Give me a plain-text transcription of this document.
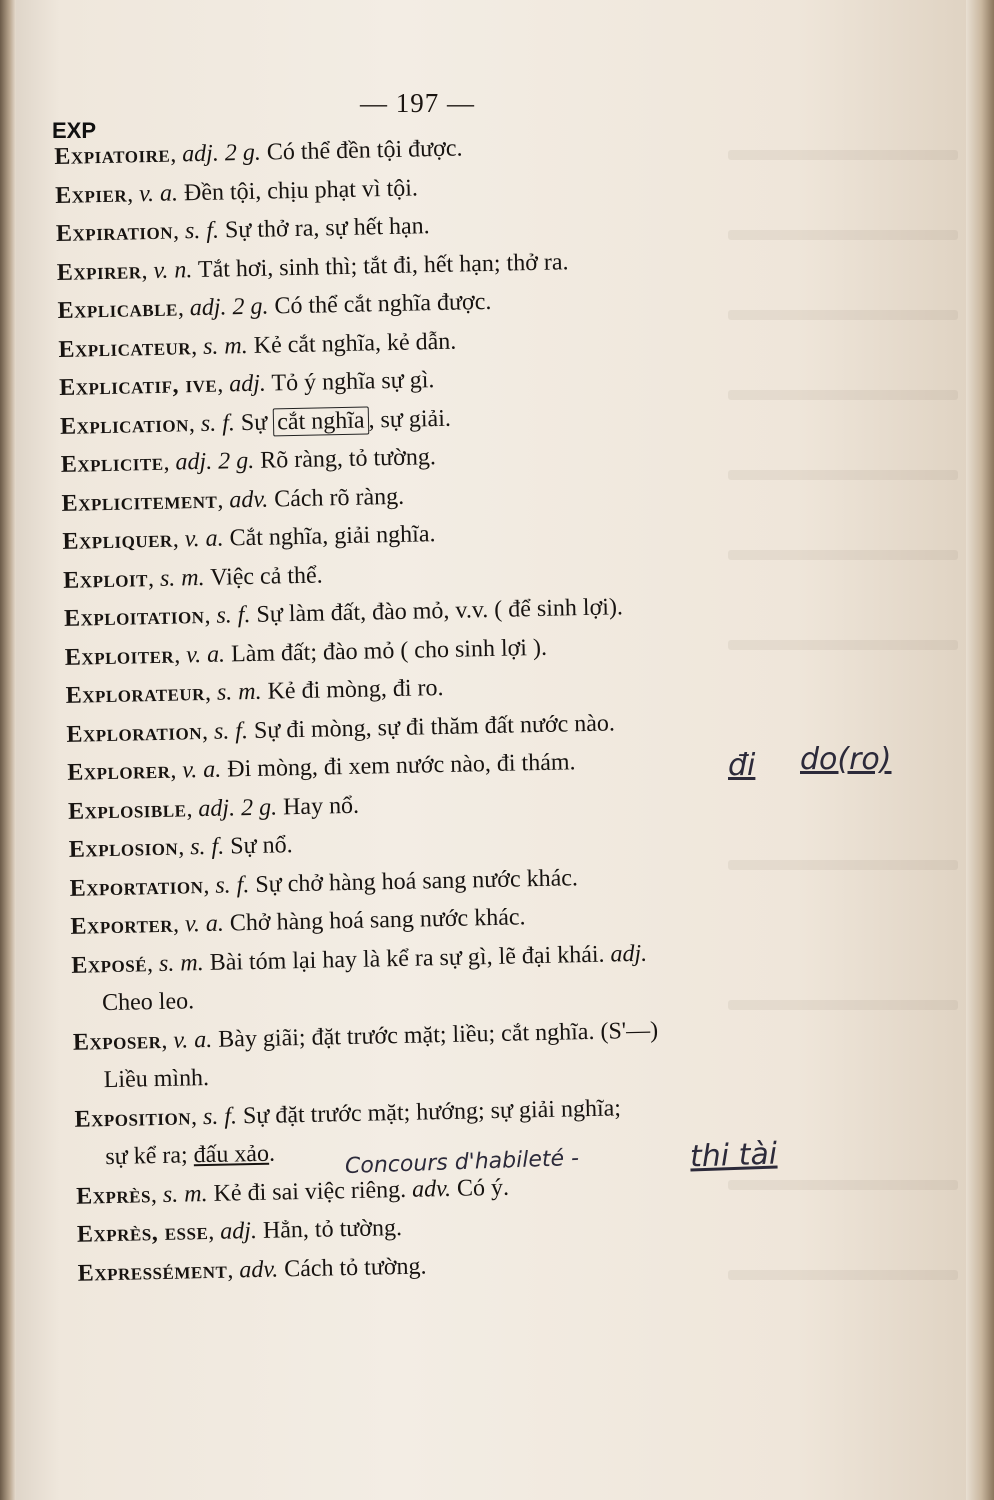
— 197 —
EXP
Expiatoire, adj. 2 g. Có thể đền tội được.
Expier, v. a. Đền tội, chịu phạt vì tội.
Expiration, s. f. Sự thở ra, sự hết hạn.
Expirer, v. n. Tắt hơi, sinh thì; tắt đi, hết hạn; thở ra.
Explicable, adj. 2 g. Có thể cắt nghĩa được.
Explicateur, s. m. Kẻ cắt nghĩa, kẻ dẫn.
Explicatif, ive, adj. Tỏ ý nghĩa sự gì.
Explication, s. f. Sự cắt nghĩa , sự giải.
Explicite, adj. 2 g. Rõ ràng, tỏ tường.
Explicitement, adv. Cách rõ ràng.
Expliquer, v. a. Cắt nghĩa, giải nghĩa.
Exploit, s. m. Việc cả thể.
Exploitation, s. f. Sự làm đất, đào mỏ, v.v. ( để sinh lợi).
Exploiter, v. a. Làm đất; đào mỏ ( cho sinh lợi ).
Explorateur, s. m. Kẻ đi mòng, đi ro.
Exploration, s. f. Sự đi mòng, sự đi thăm đất nước nào.
Explorer, v. a. Đi mòng, đi xem nước nào, đi thám.
Explosible, adj. 2 g. Hay nổ.
Explosion, s. f. Sự nổ.
Exportation, s. f. Sự chở hàng hoá sang nước khác.
Exporter, v. a. Chở hàng hoá sang nước khác.
Exposé, s. m. Bài tóm lại hay là kể ra sự gì, lẽ đại khái. adj.
Cheo leo.
Exposer, v. a. Bày giãi; đặt trước mặt; liều; cắt nghĩa. (S'—)
Liều mình.
Exposition, s. f. Sự đặt trước mặt; hướng; sự giải nghĩa;
sự kể ra; đấu xảo.
Exprès, s. m. Kẻ đi sai việc riêng. adv. Có ý.
Exprès, esse, adj. Hẳn, tỏ tường.
Expressément, adv. Cách tỏ tường.
đi do(ro)
Concours d'habileté -	thi tài
